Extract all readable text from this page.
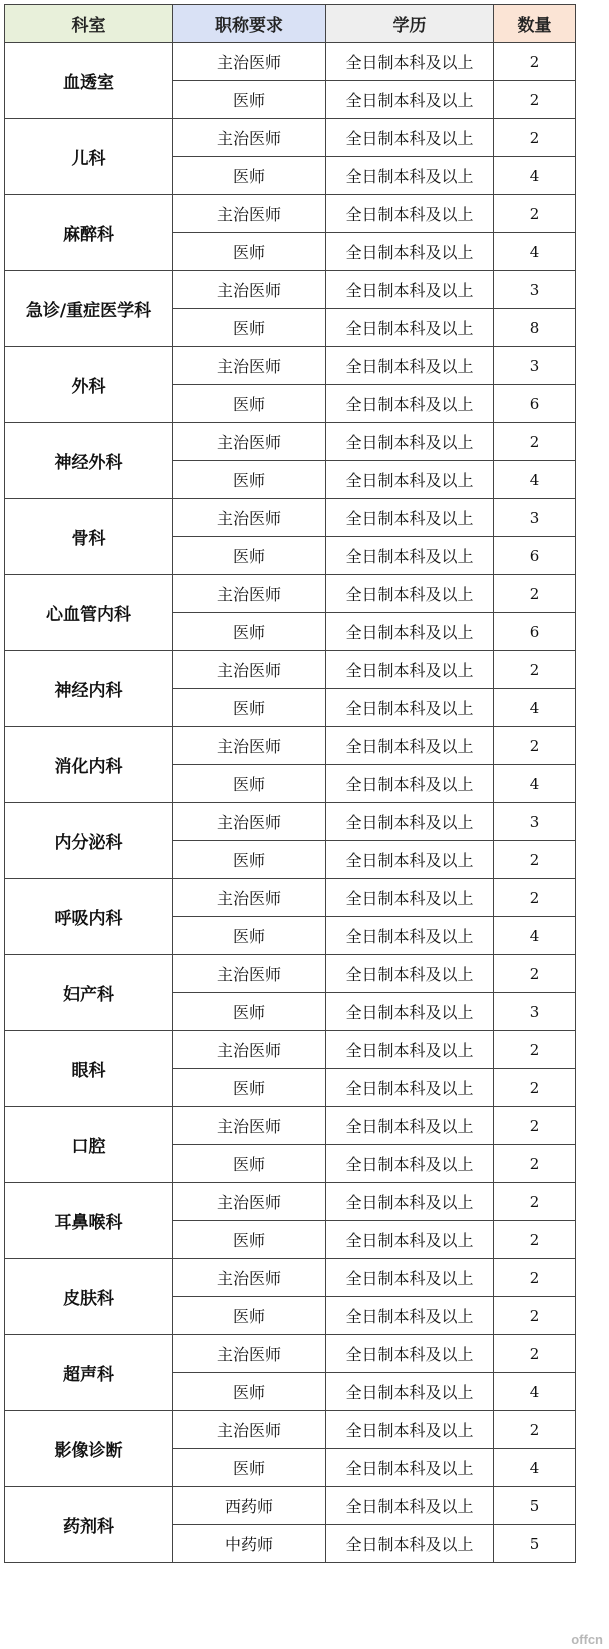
科室	职称要求	学历	数量
血透室	主治医师	全日制本科及以上	2
	医师	全日制本科及以上	2
儿科	主治医师	全日制本科及以上	2
	医师	全日制本科及以上	4
麻醉科	主治医师	全日制本科及以上	2
	医师	全日制本科及以上	4
急诊/重症医学科	主治医师	全日制本科及以上	3
	医师	全日制本科及以上	8
外科	主治医师	全日制本科及以上	3
	医师	全日制本科及以上	6
神经外科	主治医师	全日制本科及以上	2
	医师	全日制本科及以上	4
骨科	主治医师	全日制本科及以上	3
	医师	全日制本科及以上	6
心血管内科	主治医师	全日制本科及以上	2
	医师	全日制本科及以上	6
神经内科	主治医师	全日制本科及以上	2
	医师	全日制本科及以上	4
消化内科	主治医师	全日制本科及以上	2
	医师	全日制本科及以上	4
内分泌科	主治医师	全日制本科及以上	3
	医师	全日制本科及以上	2
呼吸内科	主治医师	全日制本科及以上	2
	医师	全日制本科及以上	4
妇产科	主治医师	全日制本科及以上	2
	医师	全日制本科及以上	3
眼科	主治医师	全日制本科及以上	2
	医师	全日制本科及以上	2
口腔	主治医师	全日制本科及以上	2
	医师	全日制本科及以上	2
耳鼻喉科	主治医师	全日制本科及以上	2
	医师	全日制本科及以上	2
皮肤科	主治医师	全日制本科及以上	2
	医师	全日制本科及以上	2
超声科	主治医师	全日制本科及以上	2
	医师	全日制本科及以上	4
影像诊断	主治医师	全日制本科及以上	2
	医师	全日制本科及以上	4
药剂科	西药师	全日制本科及以上	5
	中药师	全日制本科及以上	5
offcn
